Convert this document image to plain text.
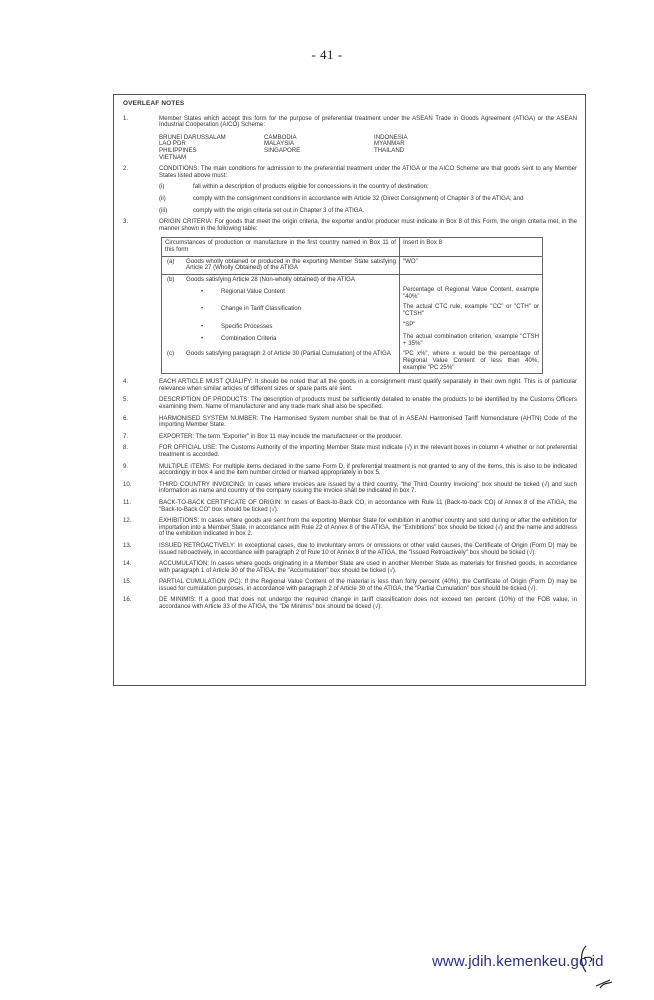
- 41 -
OVERLEAF NOTES
1.	Member States which accept this form for the purpose of preferential treatment under the ASEAN Trade in Goods Agreement (ATIGA) or the ASEAN Industrial Cooperation (AICO) Scheme:
BRUNEI DARUSSALAM	CAMBODIA	INDONESIA
LAO PDR	MALAYSIA	MYANMAR
PHILIPPINES	SINGAPORE	THAILAND
VIETNAM
2.	CONDITIONS: The main conditions for admission to the preferential treatment under the ATIGA or the AICO Scheme are that goods sent to any Member States listed above must:
(i)	fall within a description of products eligible for concessions in the country of destination;
(ii)	comply with the consignment conditions in accordance with Article 32 (Direct Consignment) of Chapter 3 of the ATIGA; and
(iii)	comply with the origin criteria set out in Chapter 3 of the ATIGA.
3.	ORIGIN CRITERIA: For goods that meet the origin criteria, the exporter and/or producer must indicate in Box 8 of this Form, the origin criteria met, in the manner shown in the following table:
Circumstances of production or manufacture in the first country named in Box 11 of this form	Insert in Box 8

(a) Goods wholly obtained or produced in the exporting Member State satisfying Article 27 (Wholly Obtained) of the ATIGA	"WO"

(b) Goods satisfying Article 28 (Non-wholly obtained) of the ATIGA	

• Regional Value Content	Percentage of Regional Value Content, example "40%"

• Change in Tariff Classification	The actual CTC rule, example "CC" or "CTH" or "CTSH"

• Specific Processes	"SP"

• Combination Criteria	The actual combination criterion, example "CTSH + 35%"

(c) Goods satisfying paragraph 2 of Article 30 (Partial Cumulation) of the ATIGA	"PC x%", where x would be the percentage of Regional Value Content of less than 40%, example "PC 25%"
4.	EACH ARTICLE MUST QUALIFY: It should be noted that all the goods in a consignment must qualify separately in their own right. This is of particular relevance when similar articles of different sizes or spare parts are sent.
5.	DESCRIPTION OF PRODUCTS: The description of products must be sufficiently detailed to enable the products to be identified by the Customs Officers examining them. Name of manufacturer and any trade mark shall also be specified.
6.	HARMONISED SYSTEM NUMBER: The Harmonised System number shall be that of in ASEAN Harmonised Tariff Nomenclature (AHTN) Code of the importing Member State.
7.	EXPORTER: The term "Exporter" in Box 11 may include the manufacturer or the producer.
8.	FOR OFFICIAL USE: The Customs Authority of the importing Member State must indicate (√) in the relevant boxes in column 4 whether or not preferential treatment is accorded.
9.	MULTIPLE ITEMS: For multiple items declared in the same Form D, if preferential treatment is not granted to any of the items, this is also to be indicated accordingly in box 4 and the item number circled or marked appropriately in box 5.
10.	THIRD COUNTRY INVOICING: In cases where invoices are issued by a third country, "the Third Country Invoicing" box should be ticked (√) and such information as name and country of the company issuing the invoice shall be indicated in box 7.
11.	BACK-TO-BACK CERTIFICATE OF ORIGIN: In cases of Back-to-Back CO, in accordance with Rule 11 (Back-to-back CO) of Annex 8 of the ATIGA, the "Back-to-Back CO" box should be ticked (√).
12.	EXHIBITIONS: In cases where goods are sent from the exporting Member State for exhibition in another country and sold during or after the exhibition for importation into a Member State, in accordance with Rule 22 of Annex 8 of the ATIGA, the "Exhibitions" box should be ticked (√) and the name and address of the exhibition indicated in box 2.
13.	ISSUED RETROACTIVELY: In exceptional cases, due to involuntary errors or omissions or other valid causes, the Certificate of Origin (Form D) may be issued retroactively, in accordance with paragraph 2 of Rule 10 of Annex 8 of the ATIGA, the "Issued Retroactively" box should be ticked (√).
14.	ACCUMULATION: In cases where goods originating in a Member State are used in another Member State as materials for finished goods, in accordance with paragraph 1 of Article 30 of the ATIGA, the "Accumulation" box should be ticked (√).
15.	PARTIAL CUMULATION (PC): If the Regional Value Content of the material is less than forty percent (40%), the Certificate of Origin (Form D) may be issued for cumulation purposes, in accordance with paragraph 2 of Article 30 of the ATIGA, the "Partial Cumulation" box should be ticked (√).
16.	DE MINIMIS: If a good that does not undergo the required change in tariff classification does not exceed ten percent (10%) of the FOB value, in accordance with Article 33 of the ATIGA, the "De Minimis" box should be ticked (√).
www.jdih.kemenkeu.go.id
